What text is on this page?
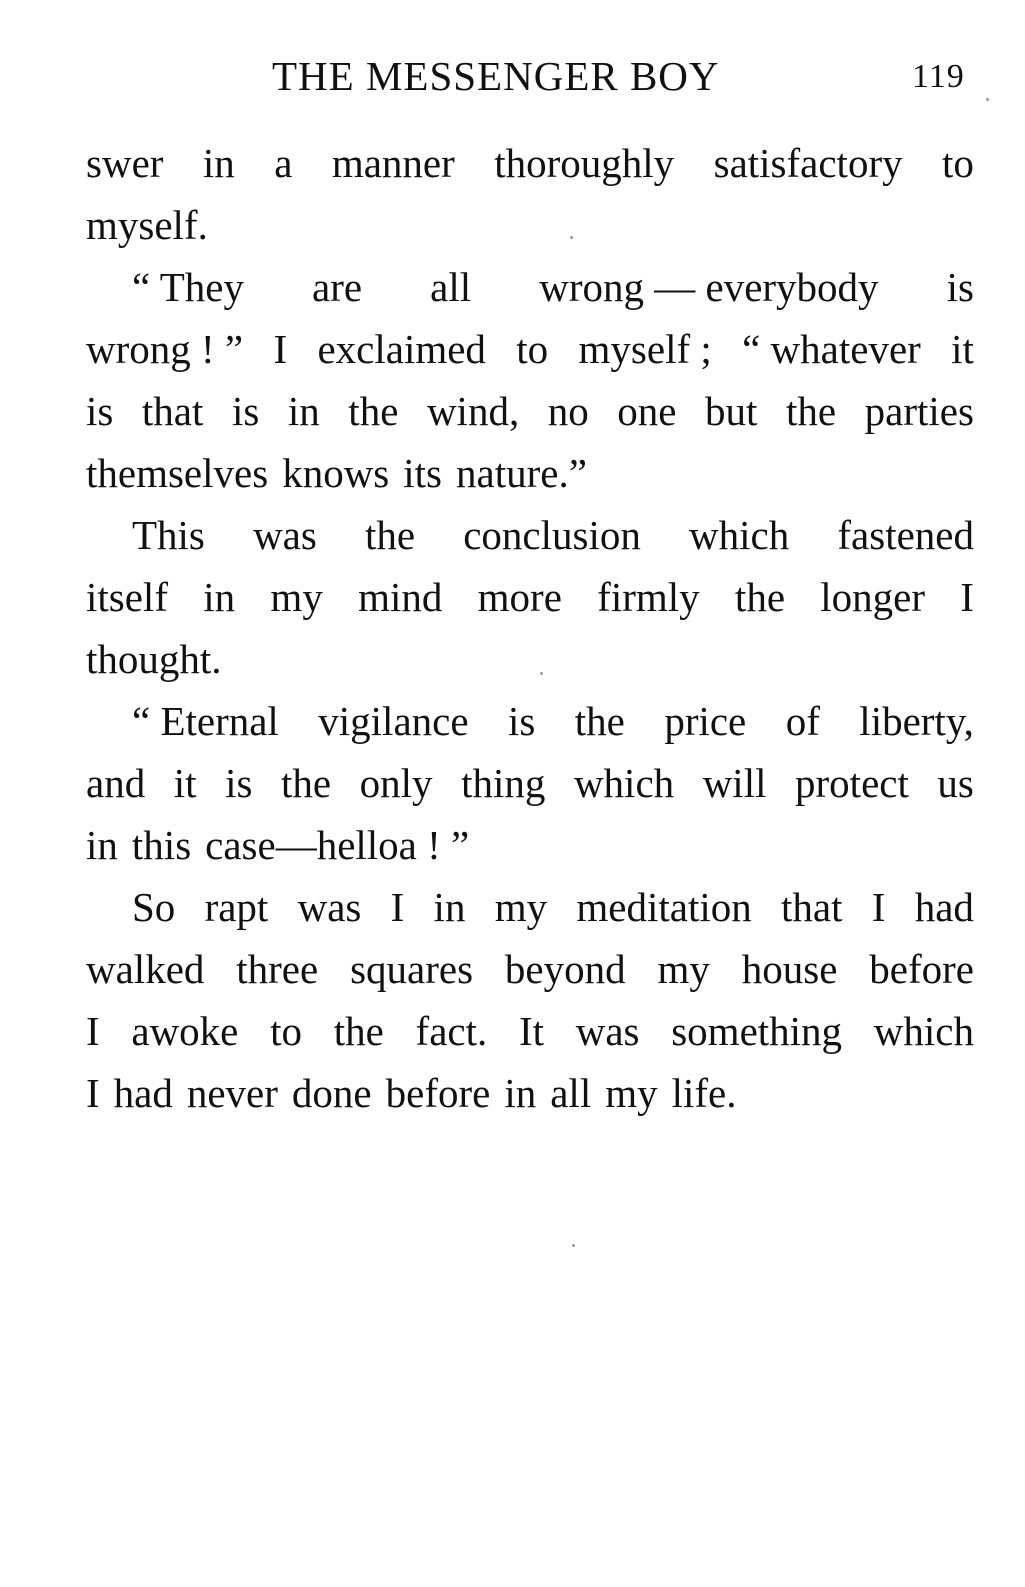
THE MESSENGER BOY	119
swer in a manner thoroughly satisfactory to
myself.
“ They are all wrong — everybody is
wrong ! ” I exclaimed to myself ; “ whatever it
is that is in the wind, no one but the parties
themselves knows its nature.”
This was the conclusion which fastened
itself in my mind more firmly the longer I
thought.
“ Eternal vigilance is the price of liberty,
and it is the only thing which will protect us
in this case—helloa ! ”
So rapt was I in my meditation that I had
walked three squares beyond my house before
I awoke to the fact. It was something which
I had never done before in all my life.
